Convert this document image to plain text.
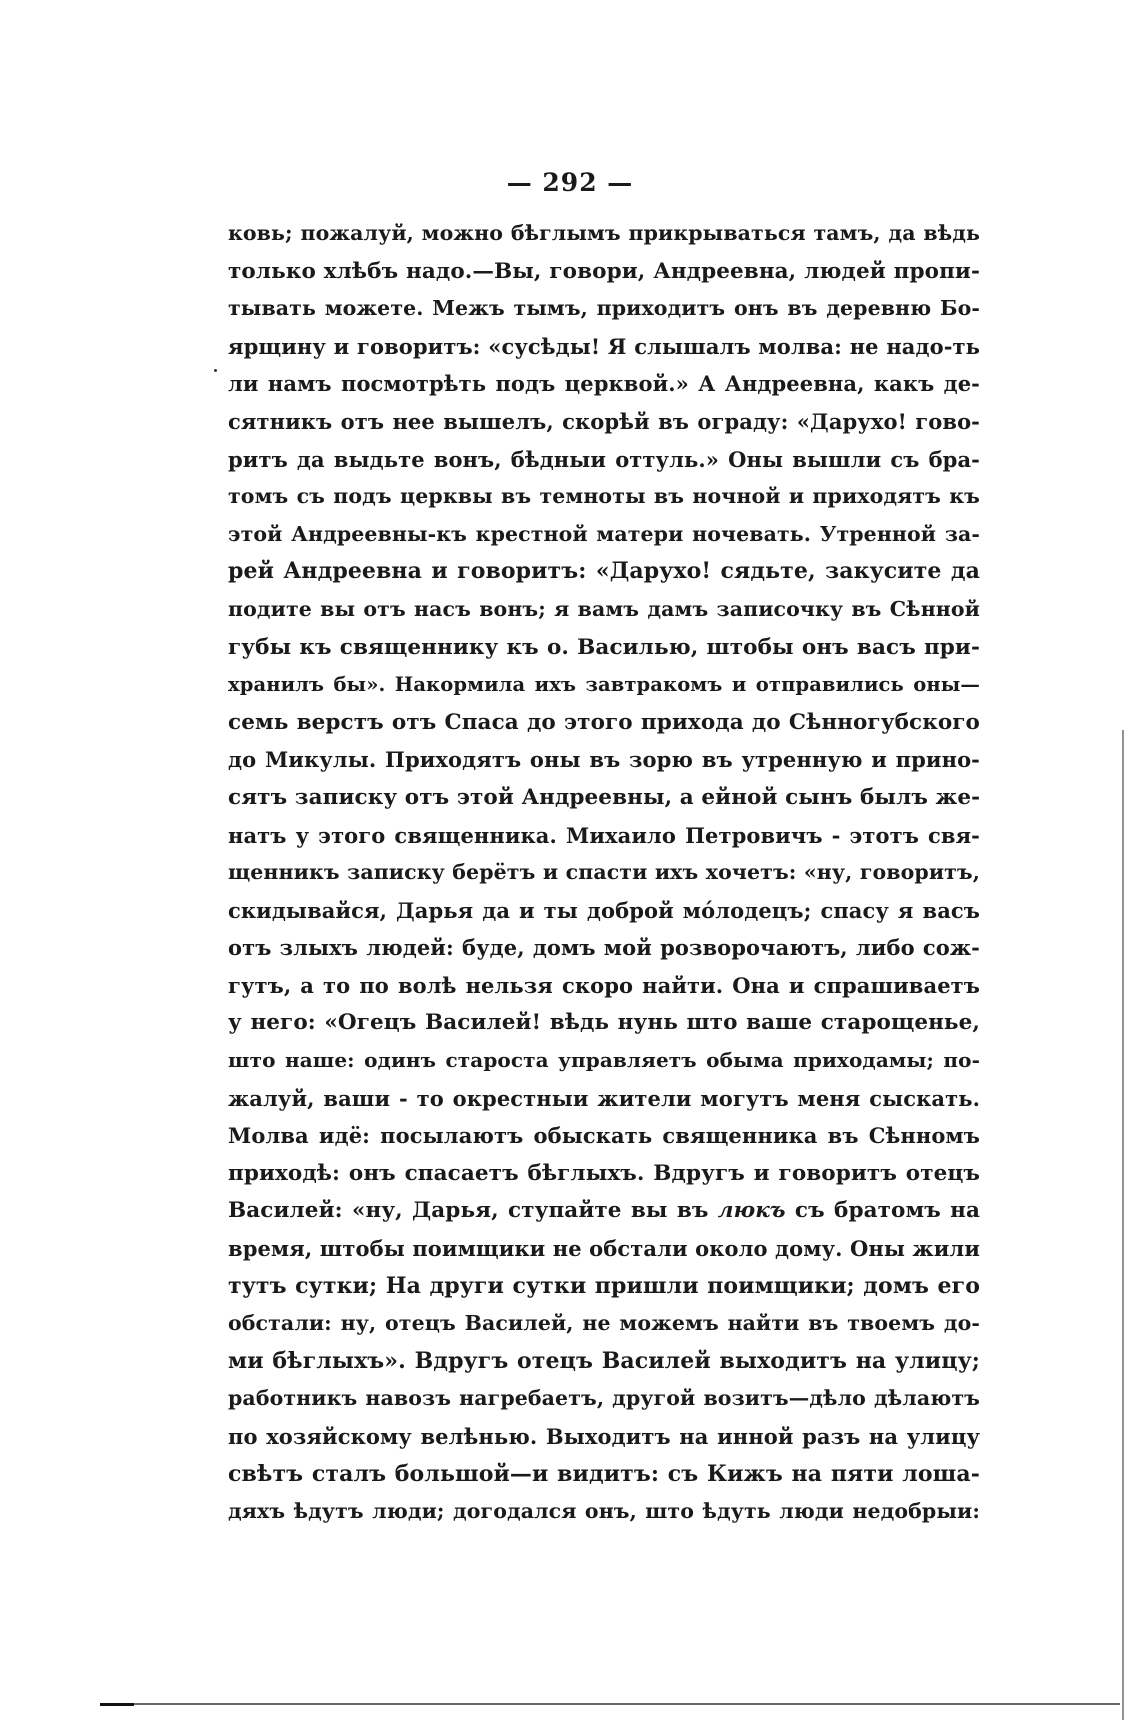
— 292 —
ковь; пожалуй, можно бѣглымъ прикрываться тамъ, да вѣдь
только хлѣбъ надо.—Вы, говори, Андреевна, людей пропи-
тывать можете. Межъ тымъ, приходитъ онъ въ деревню Бо-
ярщину и говоритъ: «сусѣды! Я слышалъ молва: не надо-ть
ли намъ посмотрѣть подъ церквой.» А Андреевна, какъ де-
сятникъ отъ нее вышелъ, скорѣй въ ограду: «Дарухо! гово-
ритъ да выдьте вонъ, бѣдныи оттуль.» Оны вышли съ бра-
томъ съ подъ церквы въ темноты въ ночной и приходятъ къ
этой Андреевны-къ крестной матери ночевать. Утренной за-
рей Андреевна и говоритъ: «Дарухо! сядьте, закусите да
подите вы отъ насъ вонъ; я вамъ дамъ записочку въ Сѣнной
губы къ священнику къ о. Василью, штобы онъ васъ при-
хранилъ бы». Накормила ихъ завтракомъ и отправились оны—
семь верстъ отъ Спаса до этого прихода до Сѣнногубского
до Микулы. Приходятъ оны въ зорю въ утренную и прино-
сятъ записку отъ этой Андреевны, а ейной сынъ былъ же-
натъ у этого священника. Михаило Петровичъ - этотъ свя-
щенникъ записку берётъ и спасти ихъ хочетъ: «ну, говоритъ,
скидывайся, Дарья да и ты доброй мо́лодецъ; спасу я васъ
отъ злыхъ людей: буде, домъ мой розворочаютъ, либо сож-
гутъ, а то по волѣ нельзя скоро найти. Она и спрашиваетъ
у него: «Огецъ Василей! вѣдь нунь што ваше старощенье,
што наше: одинъ староста управляетъ обыма приходамы; по-
жалуй, ваши - то окрестныи жители могутъ меня сыскать.
Молва идё: посылаютъ обыскать священника въ Сѣнномъ
приходѣ: онъ спасаетъ бѣглыхъ. Вдругъ и говоритъ отецъ
Василей: «ну, Дарья, ступайте вы въ люкъ съ братомъ на
время, штобы поимщики не обстали около дому. Оны жили
тутъ сутки; На други сутки пришли поимщики; домъ его
обстали: ну, отецъ Василей, не можемъ найти въ твоемъ до-
ми бѣглыхъ». Вдругъ отецъ Василей выходитъ на улицу;
работникъ навозъ нагребаетъ, другой возитъ—дѣло дѣлаютъ
по хозяйскому велѣнью. Выходитъ на инной разъ на улицу
свѣтъ сталъ большой—и видитъ: съ Кижъ на пяти лоша-
дяхъ ѣдутъ люди; догодался онъ, што ѣдуть люди недобрыи:
